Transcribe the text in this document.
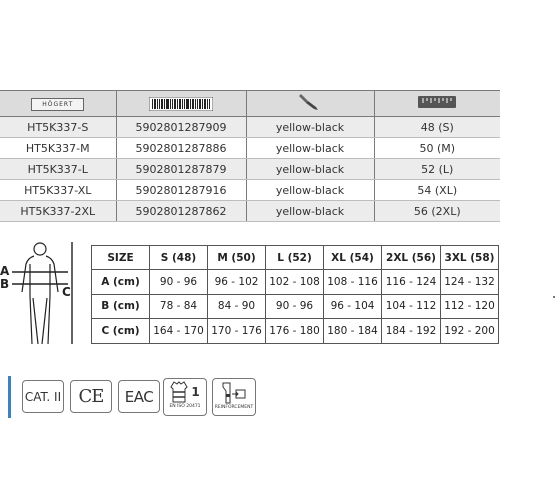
HÖGERT			
HT5K337-S	5902801287909	yellow-black	48 (S)
HT5K337-M	5902801287886	yellow-black	50 (M)
HT5K337-L	5902801287879	yellow-black	52 (L)
HT5K337-XL	5902801287916	yellow-black	54 (XL)
HT5K337-2XL	5902801287862	yellow-black	56 (2XL)
A
B
C
SIZE	S (48)	M (50)	L (52)	XL (54)	2XL (56)	3XL (58)
A (cm)	90 - 96	96 - 102	102 - 108	108 - 116	116 - 124	124 - 132
B (cm)	78 - 84	84 - 90	90 - 96	96 - 104	104 - 112	112 - 120
C (cm)	164 - 170	170 - 176	176 - 180	180 - 184	184 - 192	192 - 200
CAT. II CE EAC	1
EN ISO 20471	REINFORCEMENT
